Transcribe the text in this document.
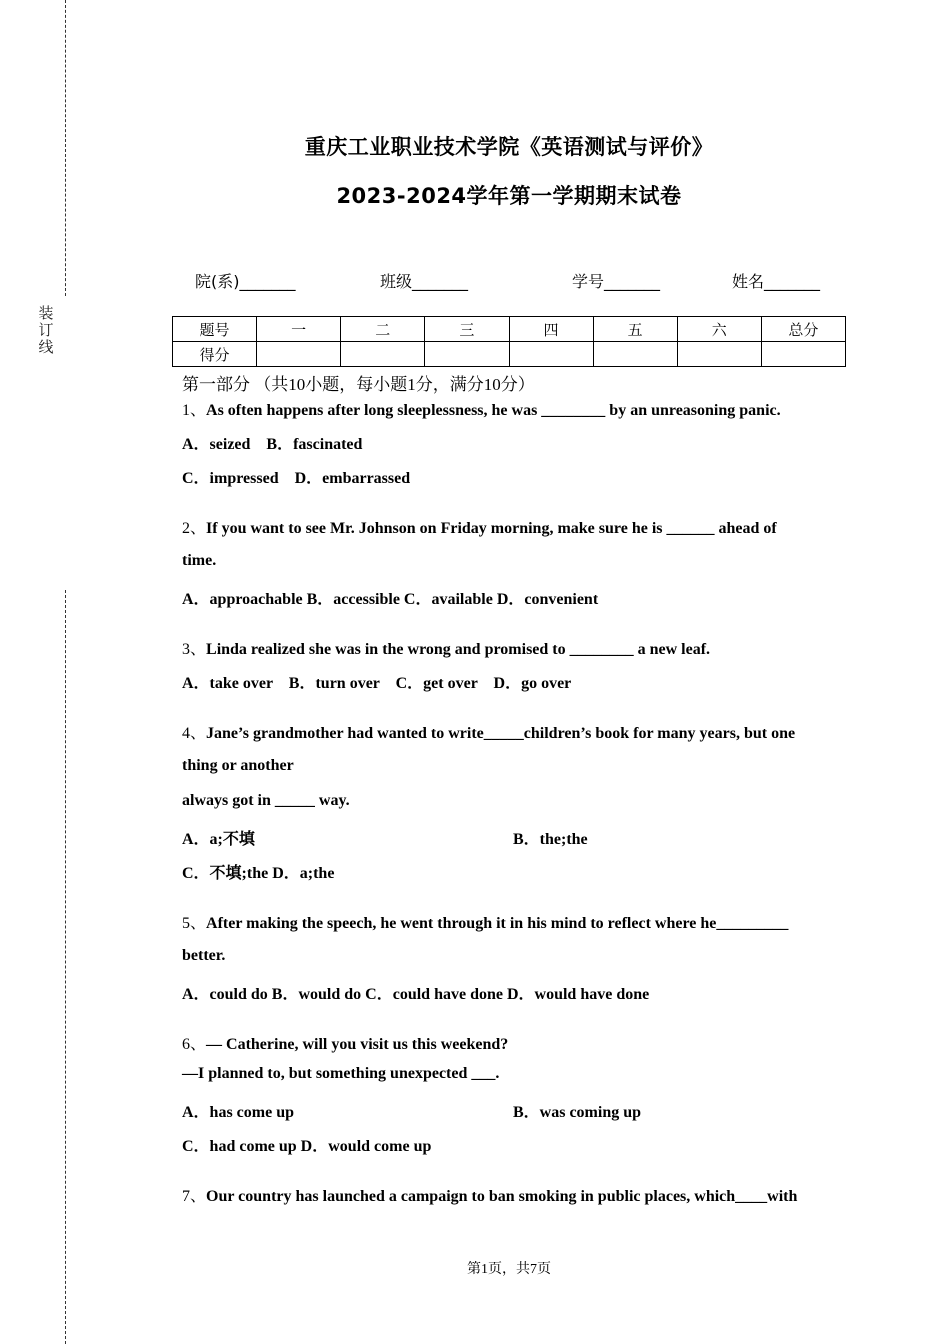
装
订
线
重庆工业职业技术学院《英语测试与评价》
2023-2024学年第一学期期末试卷
院(系)_______	班级_______	学号_______	姓名_______
题号	一	二	三	四	五	六	总分
得分							
第一部分 （共10小题，每小题1分，满分10分）
1、As often happens after long sleeplessness, he was ________ by an unreasoning panic.
A．seized　B．fascinated
C．impressed　D．embarrassed
2、If you want to see Mr. Johnson on Friday morning, make sure he is ______ ahead of
time.
A．approachable B．accessible C．available D．convenient
3、Linda realized she was in the wrong and promised to ________ a new leaf.
A．take over　B．turn over　C．get over　D．go over
4、Jane’s grandmother had wanted to write_____children’s book for many years, but one
thing or another
always got in _____ way.
A．a;不填	B．the;the
C．不填;the D．a;the
5、After making the speech, he went through it in his mind to reflect where he_________
better.
A．could do B．would do C．could have done D．would have done
6、— Catherine, will you visit us this weekend?
—I planned to, but something unexpected ___.
A．has come up	B．was coming up
C．had come up D．would come up
7、Our country has launched a campaign to ban smoking in public places, which____with
第1页，共7页
